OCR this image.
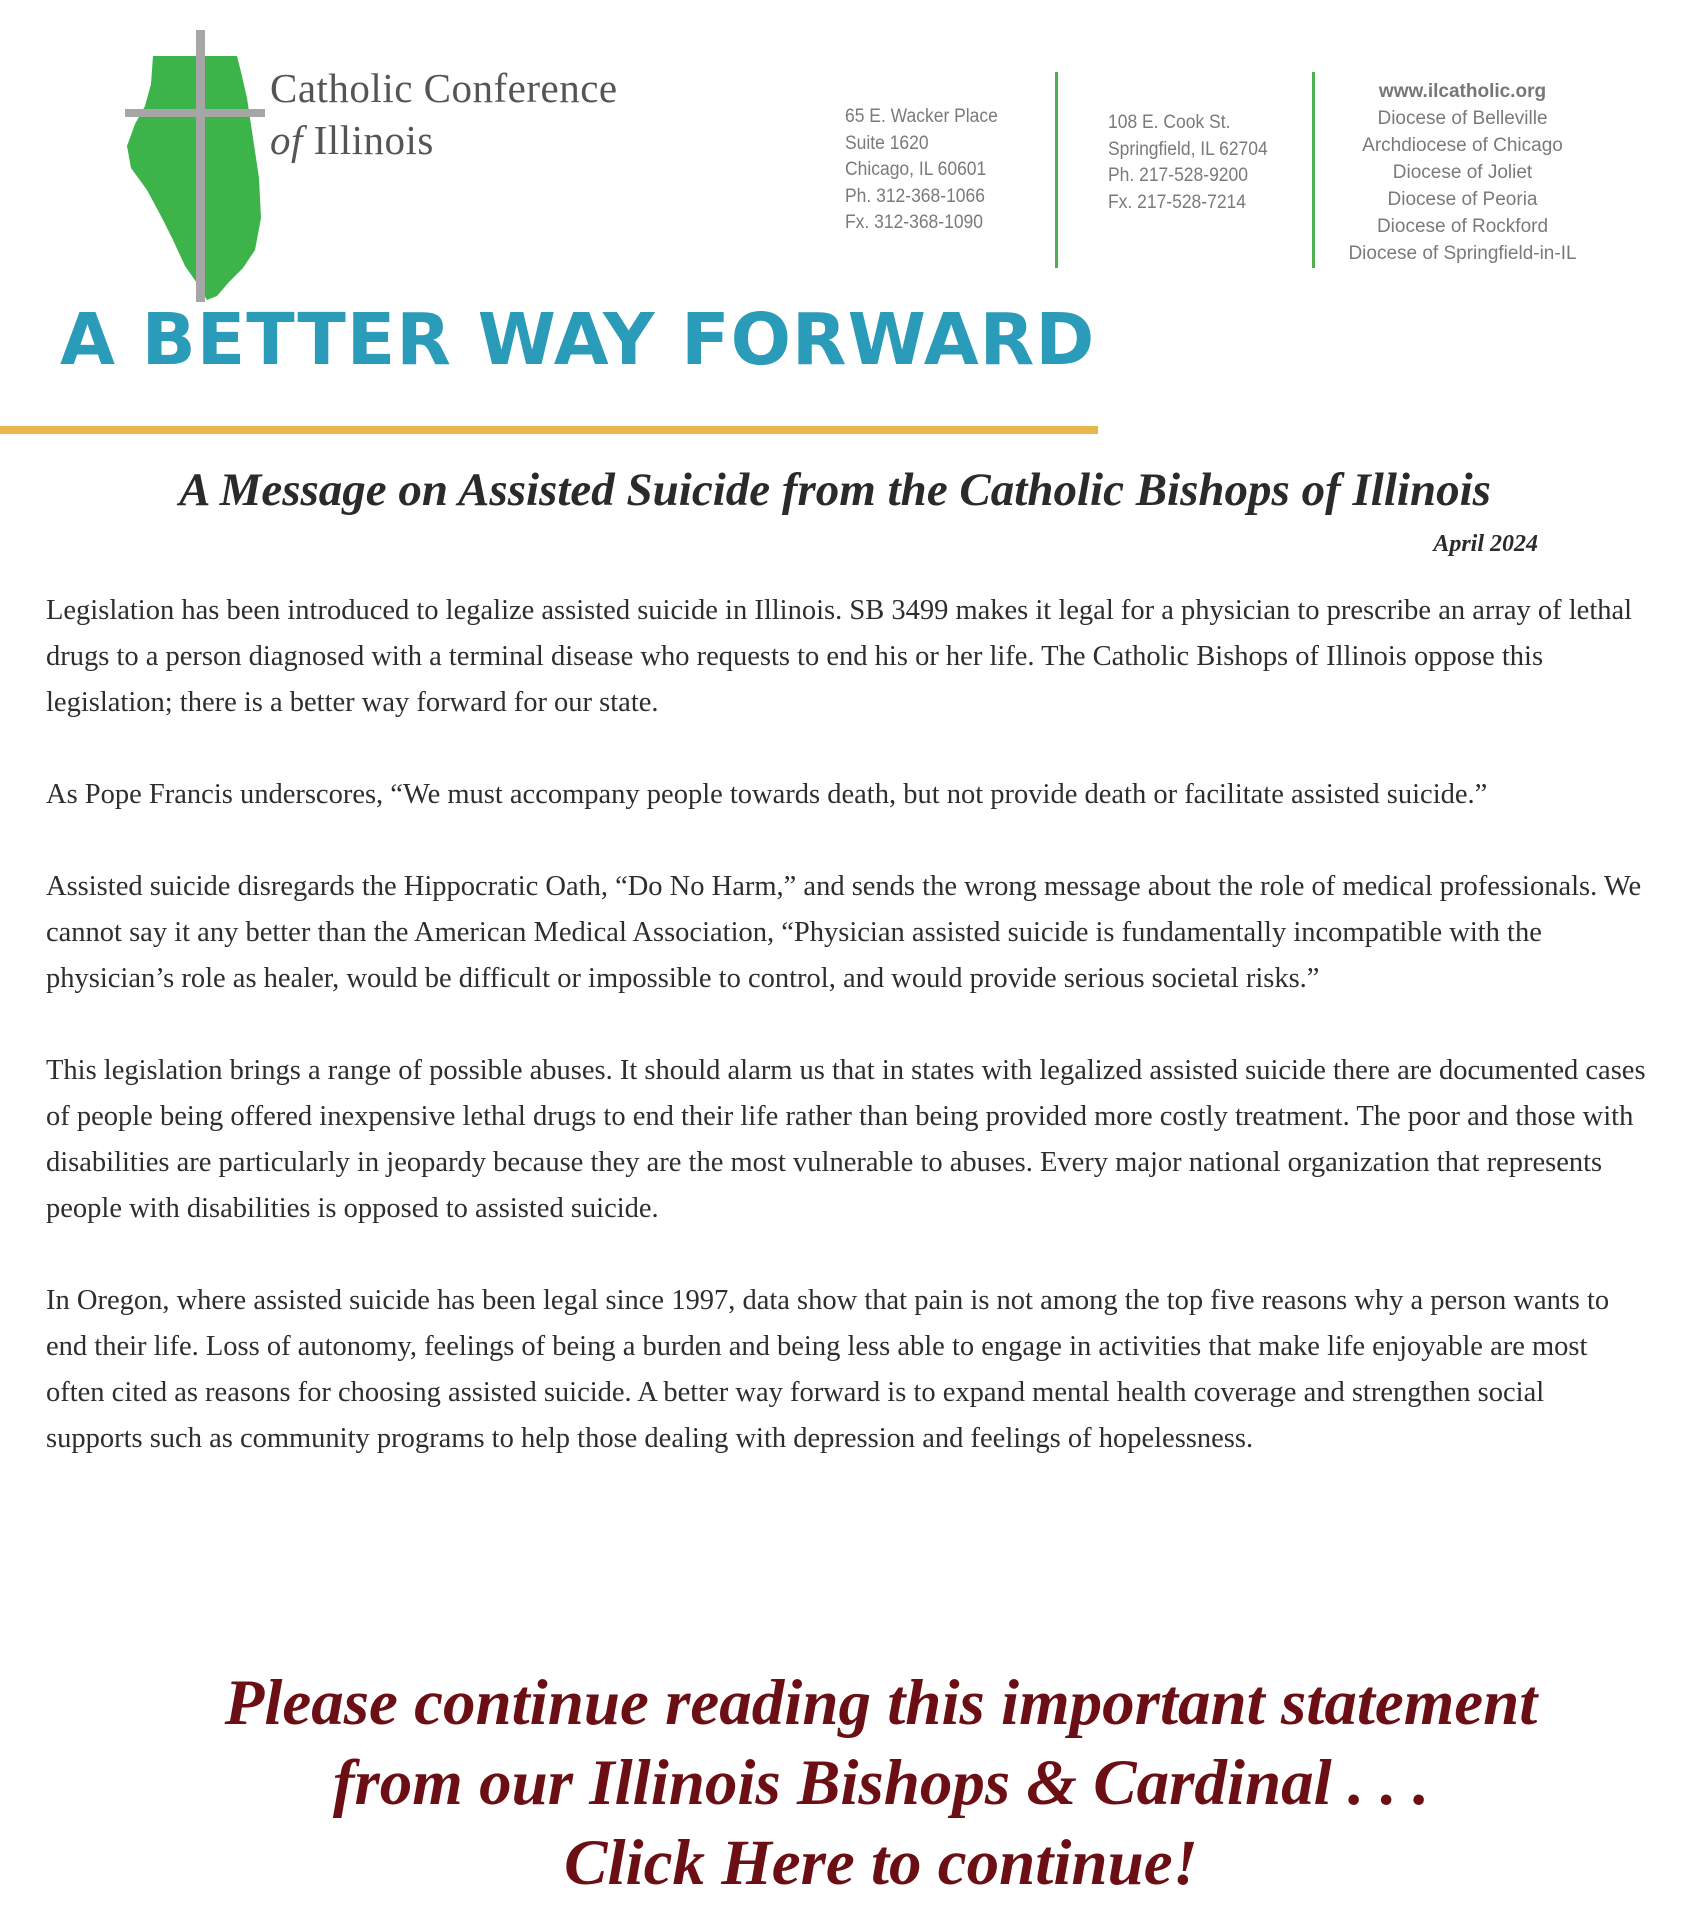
Catholic Conference
of Illinois
65 E. Wacker Place
Suite 1620
Chicago, IL 60601
Ph. 312-368-1066
Fx. 312-368-1090
108 E. Cook St.
Springfield, IL 62704
Ph. 217-528-9200
Fx. 217-528-7214
www.ilcatholic.org
Diocese of Belleville
Archdiocese of Chicago
Diocese of Joliet
Diocese of Peoria
Diocese of Rockford
Diocese of Springfield-in-IL
A BETTER WAY FORWARD
A Message on Assisted Suicide from the Catholic Bishops of Illinois
April 2024

Legislation has been introduced to legalize assisted suicide in Illinois. SB 3499 makes it legal for a physician to prescribe an array of lethal drugs to a person diagnosed with a terminal disease who requests to end his or her life. The Catholic Bishops of Illinois oppose this legislation; there is a better way forward for our state.

As Pope Francis underscores, “We must accompany people towards death, but not provide death or facilitate assisted suicide.”

Assisted suicide disregards the Hippocratic Oath, “Do No Harm,” and sends the wrong message about the role of medical professionals. We cannot say it any better than the American Medical Association, “Physician assisted suicide is fundamentally incompatible with the physician’s role as healer, would be difficult or impossible to control, and would provide serious societal risks.”

This legislation brings a range of possible abuses. It should alarm us that in states with legalized assisted suicide there are documented cases of people being offered inexpensive lethal drugs to end their life rather than being provided more costly treatment. The poor and those with disabilities are particularly in jeopardy because they are the most vulnerable to abuses. Every major national organization that represents people with disabilities is opposed to assisted suicide.

In Oregon, where assisted suicide has been legal since 1997, data show that pain is not among the top five reasons why a person wants to end their life. Loss of autonomy, feelings of being a burden and being less able to engage in activities that make life enjoyable are most often cited as reasons for choosing assisted suicide. A better way forward is to expand mental health coverage and strengthen social supports such as community programs to help those dealing with depression and feelings of hopelessness.

Please continue reading this important statement
from our Illinois Bishops & Cardinal . . .
Click Here to continue!
